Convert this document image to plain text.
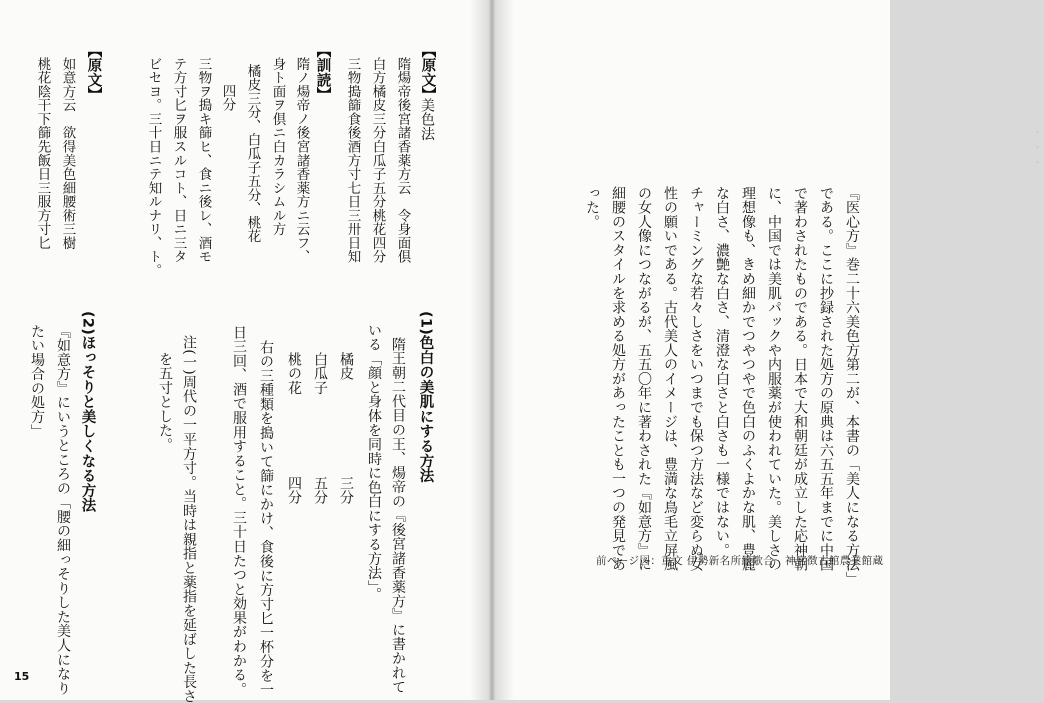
(1)色白の美肌にする方法
隋王朝二代目の王、煬帝の『後宮諸香薬方』に書かれて
いる「顔と身体を同時に色白にする方法」。
橘皮
三分
白瓜子
五分
桃の花
四分
右の三種類を搗いて篩にかけ、食後に方寸匕一杯分を一
日三回、酒で服用すること。三十日たつと効果がわかる。
注(一)周代の一平方寸。当時は親指と薬指を延ばした長さ
を五寸とした。
(2)ほっそりと美しくなる方法
『如意方』にいうところの「腰の細っそりした美人になり
たい場合の処方」
【原文】
美色法
隋煬帝後宮諸香薬方云　令身面倶
白方橘皮三分白瓜子五分桃花四分
三物搗篩食後酒方寸七日三卅日知
【訓読】
隋ノ煬帝ノ後宮諸香薬方ニ云フ、
身ト面ヲ倶ニ白カラシムル方
橘皮三分、白瓜子五分、桃花
四分
三物ヲ搗キ篩ヒ、食ニ後レ、酒モ
テ方寸匕ヲ服スルコト、日ニ三タ
ビセヨ。三十日ニテ知ルナリ、ト。
【原文】
如意方云　欲得美色細腰術三樹
桃花陰干下篩先飯日三服方寸匕
15
ﾞ ﾞ ﾞ
『医心方』巻二十六美色方第二が、本書の「美人になる方法」
である。ここに抄録された処方の原典は六五五年までに中国
で著わされたものである。日本で大和朝廷が成立した応神朝
に、中国では美肌パックや内服薬が使われていた。美しさの
理想像も、きめ細かでつやつやで色白のふくよかな肌、豊麗
な白さ、濃艶な白さ、清澄な白さと白さも一様ではない。
チャーミングな若々しさをいつまでも保つ方法など変らぬ女
性の願いである。古代美人のイメージは、豊満な鳥毛立屏風
の女人像につながるが、五五〇年に著わされた『如意方』に
細腰のスタイルを求める処方があったことも一つの発見であ
った。
前ページ図：重文 伊勢新名所絵歌合　神宮徴古館農業館蔵
